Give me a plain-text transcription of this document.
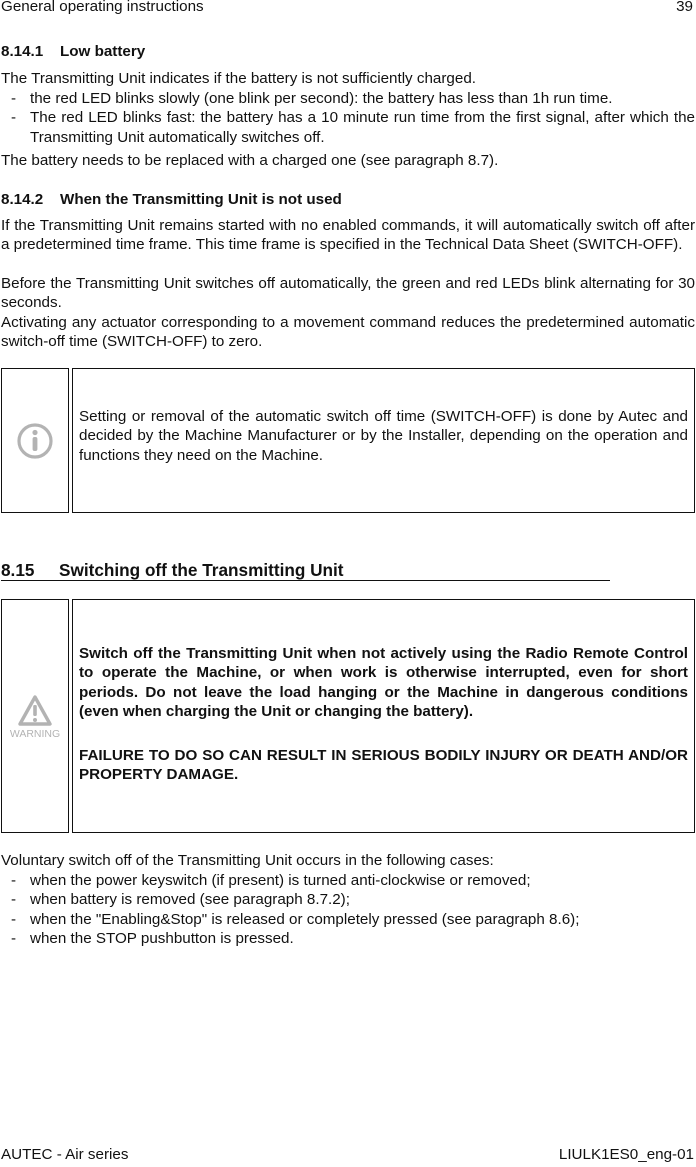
General operating instructions	39
8.14.1 Low battery

The Transmitting Unit indicates if the battery is not sufficiently charged.

- the red LED blinks slowly (one blink per second): the battery has less than 1h run time.
- The red LED blinks fast: the battery has a 10 minute run time from the first signal, after which the Transmitting Unit automatically switches off.

The battery needs to be replaced with a charged one (see paragraph 8.7).

8.14.2 When the Transmitting Unit is not used

If the Transmitting Unit remains started with no enabled commands, it will automatically switch off after a predetermined time frame. This time frame is specified in the Technical Data Sheet (SWITCH-OFF).

Before the Transmitting Unit switches off automatically, the green and red LEDs blink alternating for 30 seconds.

Activating any actuator corresponding to a movement command reduces the predetermined automatic switch-off time (SWITCH-OFF) to zero.

Setting or removal of the automatic switch off time (SWITCH-OFF) is done by Autec and decided by the Machine Manufacturer or by the Installer, depending on the operation and functions they need on the Machine.
8.15 Switching off the Transmitting Unit
WARNING
Switch off the Transmitting Unit when not actively using the Radio Remote Control to operate the Machine, or when work is otherwise interrupted, even for short periods. Do not leave the load hanging or the Machine in dangerous conditions (even when charging the Unit or changing the battery).
FAILURE TO DO SO CAN RESULT IN SERIOUS BODILY INJURY OR DEATH AND/OR PROPERTY DAMAGE.

Voluntary switch off of the Transmitting Unit occurs in the following cases:

- when the power keyswitch (if present) is turned anti-clockwise or removed;
- when battery is removed (see paragraph 8.7.2);
- when the "Enabling&Stop" is released or completely pressed (see paragraph 8.6);
- when the STOP pushbutton is pressed.
AUTEC - Air series	LIULK1ES0_eng-01
